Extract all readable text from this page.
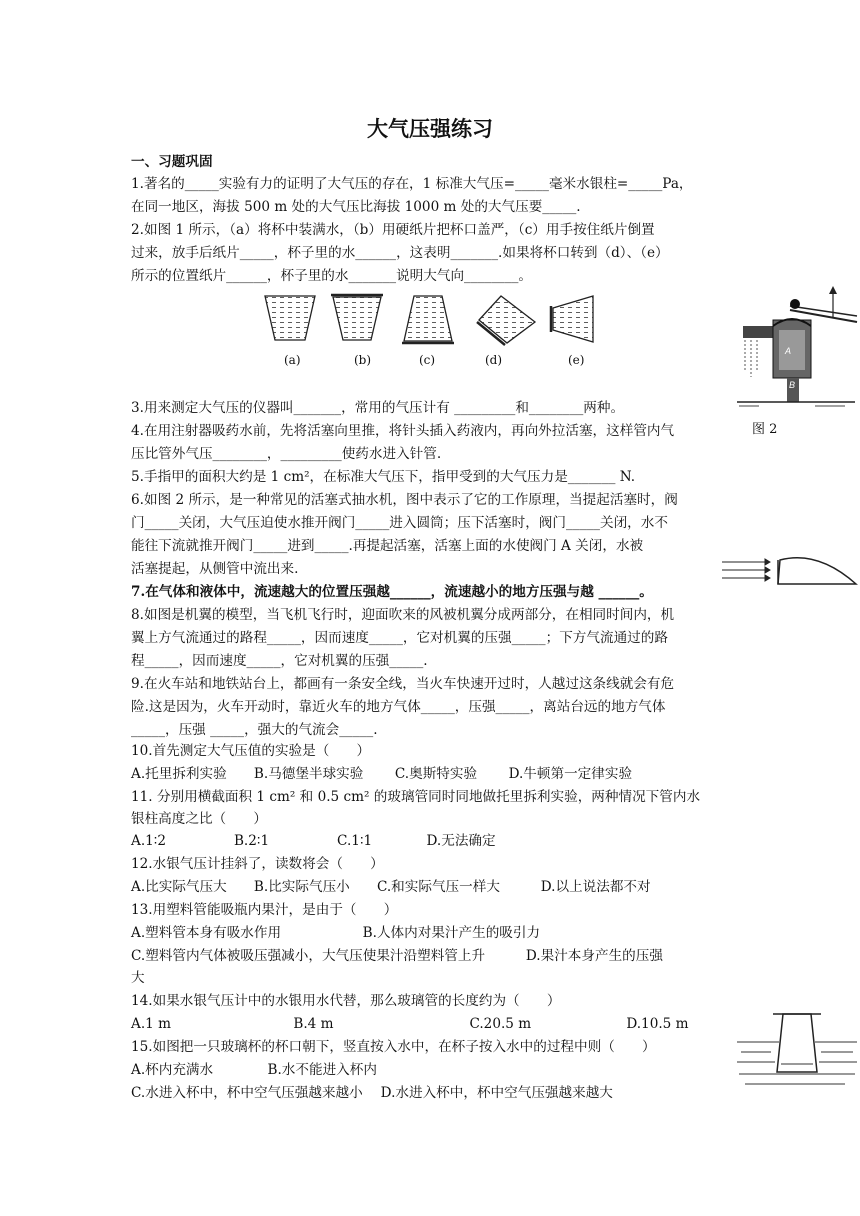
大气压强练习
一、习题巩固
1.著名的_____实验有力的证明了大气压的存在，1 标准大气压=_____毫米水银柱=_____Pa，
在同一地区，海拔 500 m 处的大气压比海拔 1000 m 处的大气压要_____.
2.如图 1 所示，（a）将杯中装满水，（b）用硬纸片把杯口盖严，（c）用手按住纸片倒置
过来，放手后纸片_____，杯子里的水______，这表明_______.如果将杯口转到（d）、（e）
所示的位置纸片______，杯子里的水_______说明大气向________。
3.用来测定大气压的仪器叫_______，常用的气压计有 _________和________两种。
4.在用注射器吸药水前，先将活塞向里推，将针头插入药液内，再向外拉活塞，这样管内气
压比管外气压________，_________使药水进入针管.
5.手指甲的面积大约是 1 cm²，在标准大气压下，指甲受到的大气压力是_______ N.
6.如图 2 所示，是一种常见的活塞式抽水机，图中表示了它的工作原理，当提起活塞时，阀
门_____关闭，大气压迫使水推开阀门_____进入圆筒；压下活塞时，阀门_____关闭，水不
能往下流就推开阀门_____进到_____.再提起活塞，活塞上面的水使阀门 A 关闭，水被
活塞提起，从侧管中流出来.
7.在气体和液体中，流速越大的位置压强越______，流速越小的地方压强与越 ______。
8.如图是机翼的模型，当飞机飞行时，迎面吹来的风被机翼分成两部分，在相同时间内，机
翼上方气流通过的路程_____，因而速度_____，它对机翼的压强_____；下方气流通过的路
程_____，因而速度_____，它对机翼的压强_____.
9.在火车站和地铁站台上，都画有一条安全线，当火车快速开过时，人越过这条线就会有危
险.这是因为，火车开动时，靠近火车的地方气体_____，压强_____，离站台远的地方气体
_____，压强 _____，强大的气流会_____.
10.首先测定大气压值的实验是（　　）
A.托里拆利实验　　B.马德堡半球实验　　 C.奥斯特实验　　 D.牛顿第一定律实验
11. 分别用横截面积 1 cm² 和 0.5 cm² 的玻璃管同时同地做托里拆利实验，两种情况下管内水
银柱高度之比（　　）
A.1∶2　　　　　B.2∶1　　　　　C.1∶1　　　　D.无法确定
12.水银气压计挂斜了，读数将会（　　）
A.比实际气压大　　B.比实际气压小　　C.和实际气压一样大　　　D.以上说法都不对
13.用塑料管能吸瓶内果汁，是由于（　　）
A.塑料管本身有吸水作用　　　　　　B.人体内对果汁产生的吸引力
C.塑料管内气体被吸压强减小，大气压使果汁沿塑料管上升　　　D.果汁本身产生的压强
大
14.如果水银气压计中的水银用水代替，那么玻璃管的长度约为（　　）
A.1 m　　　　　　　　　B.4 m　　　　　　　　　　C.20.5 m　　　　　　　D.10.5 m
15.如图把一只玻璃杯的杯口朝下，竖直按入水中，在杯子按入水中的过程中则（　　）
A.杯内充满水　　　　B.水不能进入杯内
C.水进入杯中，杯中空气压强越来越小　 D.水进入杯中，杯中空气压强越来越大
(a)	(b)	(c)	(d)	(e)
A
B
图 2
